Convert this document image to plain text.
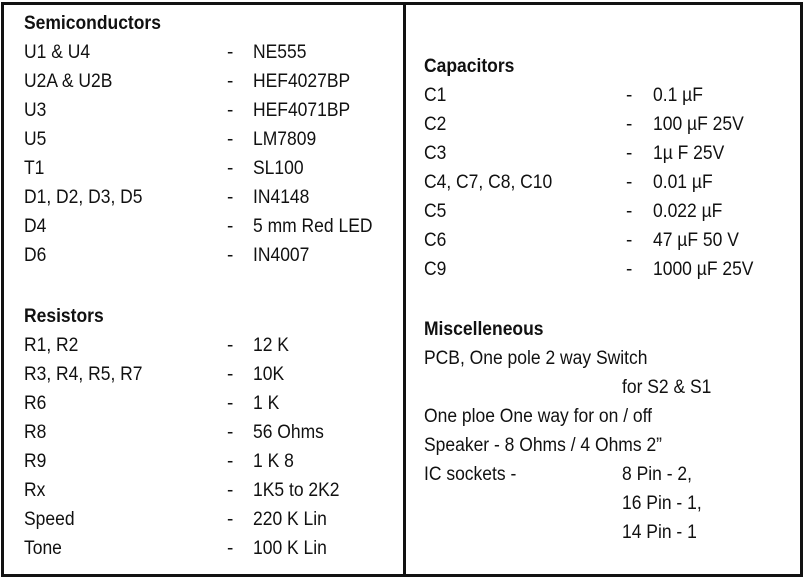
Semiconductors
U1 & U4	- NE555
U2A & U2B	- HEF4027BP
U3	- HEF4071BP
U5	- LM7809
T1	- SL100
D1, D2, D3, D5	- IN4148
D4	- 5 mm Red LED
D6	- IN4007
Resistors
R1, R2	- 12 K
R3, R4, R5, R7	- 10K
R6	- 1 K
R8	- 56 Ohms
R9	- 1 K 8
Rx	- 1K5 to 2K2
Speed	- 220 K Lin
Tone	- 100 K Lin
Capacitors
C1	- 0.1 µF
C2	- 100 µF 25V
C3	- 1µ F 25V
C4, C7, C8, C10	- 0.01 µF
C5	- 0.022 µF
C6	- 47 µF 50 V
C9	- 1000 µF 25V
Miscelleneous
PCB, One pole 2 way Switch
for S2 & S1
One ploe One way for on / off
Speaker - 8 Ohms / 4 Ohms 2”
IC sockets -	8 Pin - 2,
16 Pin - 1,
14 Pin - 1
